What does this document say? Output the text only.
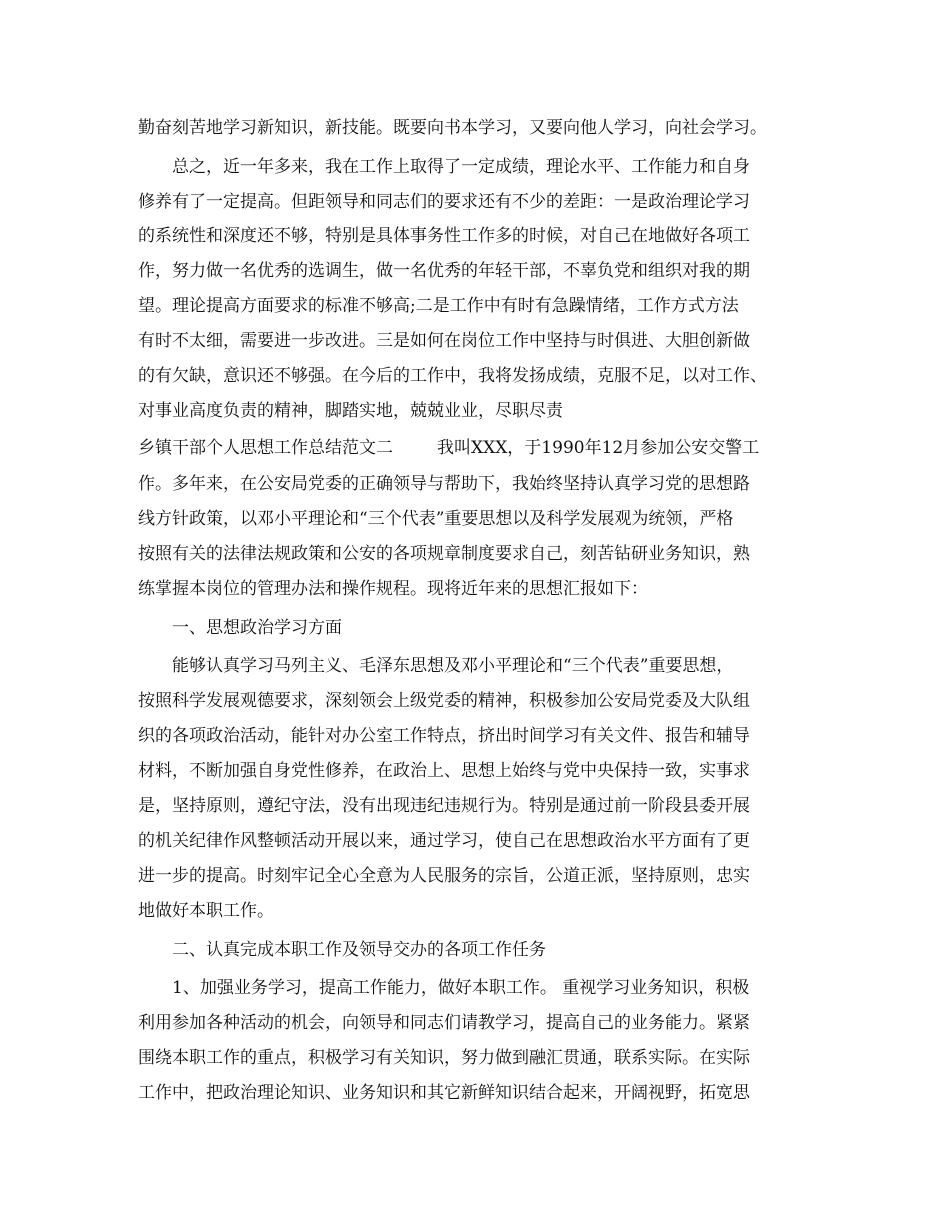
勤奋刻苦地学习新知识，新技能。既要向书本学习，又要向他人学习，向社会学习。
总之，近一年多来，我在工作上取得了一定成绩，理论水平、工作能力和自身
修养有了一定提高。但距领导和同志们的要求还有不少的差距：一是政治理论学习
的系统性和深度还不够，特别是具体事务性工作多的时候，对自己在地做好各项工
作，努力做一名优秀的选调生，做一名优秀的年轻干部，不辜负党和组织对我的期
望。理论提高方面要求的标准不够高;二是工作中有时有急躁情绪，工作方式方法
有时不太细，需要进一步改进。三是如何在岗位工作中坚持与时俱进、大胆创新做
的有欠缺，意识还不够强。在今后的工作中，我将发扬成绩，克服不足，以对工作、
对事业高度负责的精神，脚踏实地，兢兢业业，尽职尽责
乡镇干部个人思想工作总结范文二	我叫XXX，于1990年12月参加公安交警工
作。多年来，在公安局党委的正确领导与帮助下，我始终坚持认真学习党的思想路
线方针政策，以邓小平理论和“三个代表”重要思想以及科学发展观为统领，严格
按照有关的法律法规政策和公安的各项规章制度要求自己，刻苦钻研业务知识，熟
练掌握本岗位的管理办法和操作规程。现将近年来的思想汇报如下：
一、思想政治学习方面
能够认真学习马列主义、毛泽东思想及邓小平理论和“三个代表”重要思想，
按照科学发展观德要求，深刻领会上级党委的精神，积极参加公安局党委及大队组
织的各项政治活动，能针对办公室工作特点，挤出时间学习有关文件、报告和辅导
材料，不断加强自身党性修养，在政治上、思想上始终与党中央保持一致，实事求
是，坚持原则，遵纪守法，没有出现违纪违规行为。特别是通过前一阶段县委开展
的机关纪律作风整顿活动开展以来，通过学习，使自己在思想政治水平方面有了更
进一步的提高。时刻牢记全心全意为人民服务的宗旨，公道正派，坚持原则，忠实
地做好本职工作。
二、认真完成本职工作及领导交办的各项工作任务
1、加强业务学习，提高工作能力，做好本职工作。 重视学习业务知识，积极
利用参加各种活动的机会，向领导和同志们请教学习，提高自己的业务能力。紧紧
围绕本职工作的重点，积极学习有关知识，努力做到融汇贯通，联系实际。在实际
工作中，把政治理论知识、业务知识和其它新鲜知识结合起来，开阔视野，拓宽思
